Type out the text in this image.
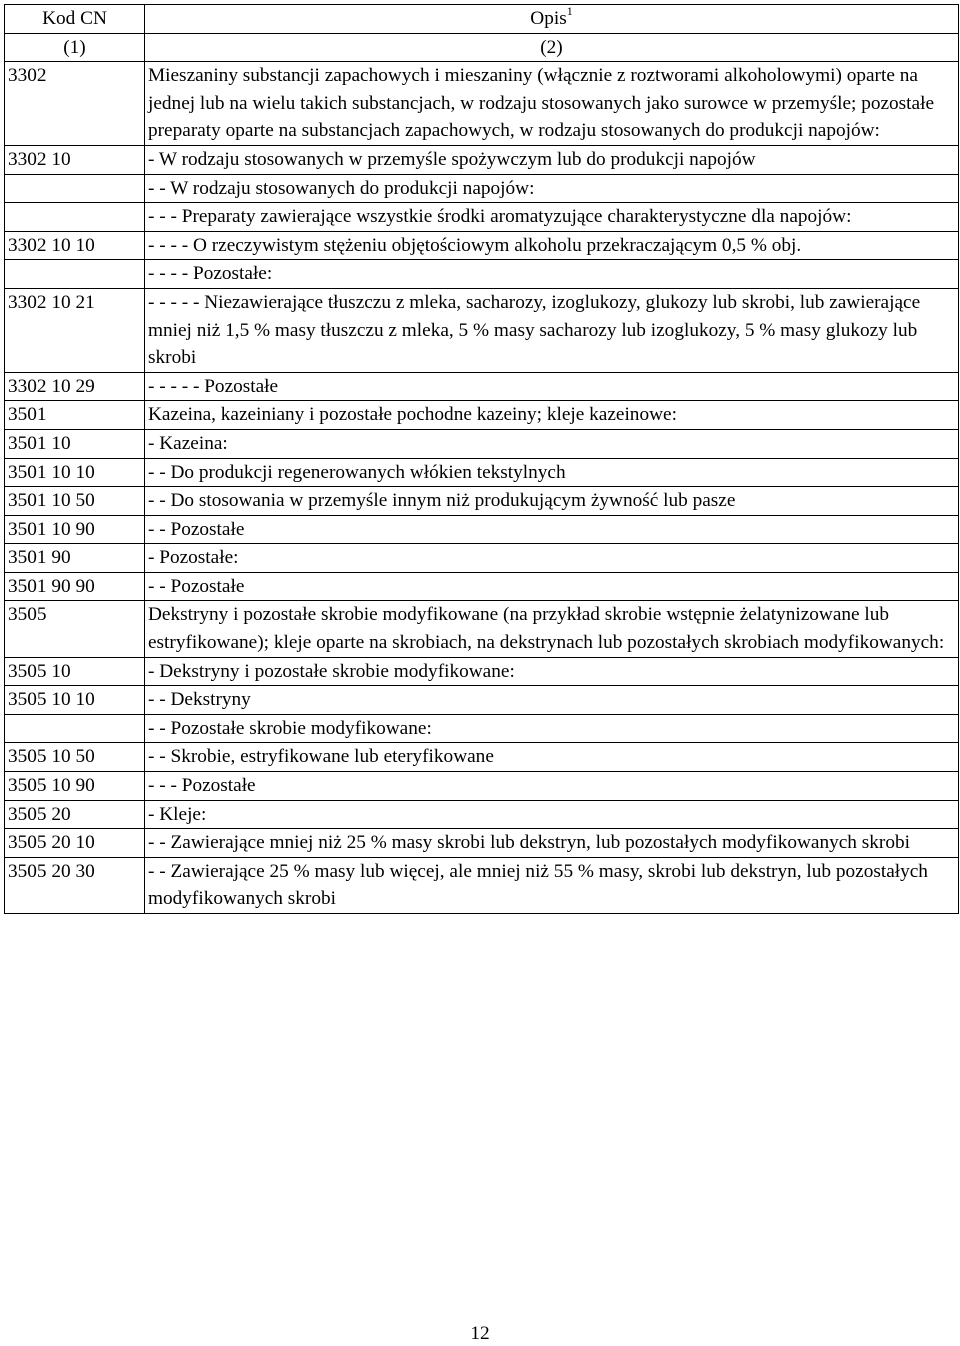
Kod CN	Opis$^1$
(1)	(2)
3302	Mieszaniny substancji zapachowych i mieszaniny (włącznie z roztworami alkoholowymi) oparte na jednej lub na wielu takich substancjach, w rodzaju stosowanych jako surowce w przemyśle; pozostałe preparaty oparte na substancjach zapachowych, w rodzaju stosowanych do produkcji napojów:
3302 10	- W rodzaju stosowanych w przemyśle spożywczym lub do produkcji napojów
	- - W rodzaju stosowanych do produkcji napojów:
	- - - Preparaty zawierające wszystkie środki aromatyzujące charakterystyczne dla napojów:
3302 10 10	- - - - O rzeczywistym stężeniu objętościowym alkoholu przekraczającym 0,5 % obj.
	- - - - Pozostałe:
3302 10 21	- - - - - Niezawierające tłuszczu z mleka, sacharozy, izoglukozy, glukozy lub skrobi, lub zawierające mniej niż 1,5 % masy tłuszczu z mleka, 5 % masy sacharozy lub izoglukozy, 5 % masy glukozy lub skrobi
3302 10 29	- - - - - Pozostałe
3501	Kazeina, kazeiniany i pozostałe pochodne kazeiny; kleje kazeinowe:
3501 10	- Kazeina:
3501 10 10	- - Do produkcji regenerowanych włókien tekstylnych
3501 10 50	- - Do stosowania w przemyśle innym niż produkującym żywność lub pasze
3501 10 90	- - Pozostałe
3501 90	- Pozostałe:
3501 90 90	- - Pozostałe
3505	Dekstryny i pozostałe skrobie modyfikowane (na przykład skrobie wstępnie żelatynizowane lub estryfikowane); kleje oparte na skrobiach, na dekstrynach lub pozostałych skrobiach modyfikowanych:
3505 10	- Dekstryny i pozostałe skrobie modyfikowane:
3505 10 10	- - Dekstryny
	- - Pozostałe skrobie modyfikowane:
3505 10 50	- - Skrobie, estryfikowane lub eteryfikowane
3505 10 90	- - - Pozostałe
3505 20	- Kleje:
3505 20 10	- - Zawierające mniej niż 25 % masy skrobi lub dekstryn, lub pozostałych modyfikowanych skrobi
3505 20 30	- - Zawierające 25 % masy lub więcej, ale mniej niż 55 % masy, skrobi lub dekstryn, lub pozostałych modyfikowanych skrobi
12
